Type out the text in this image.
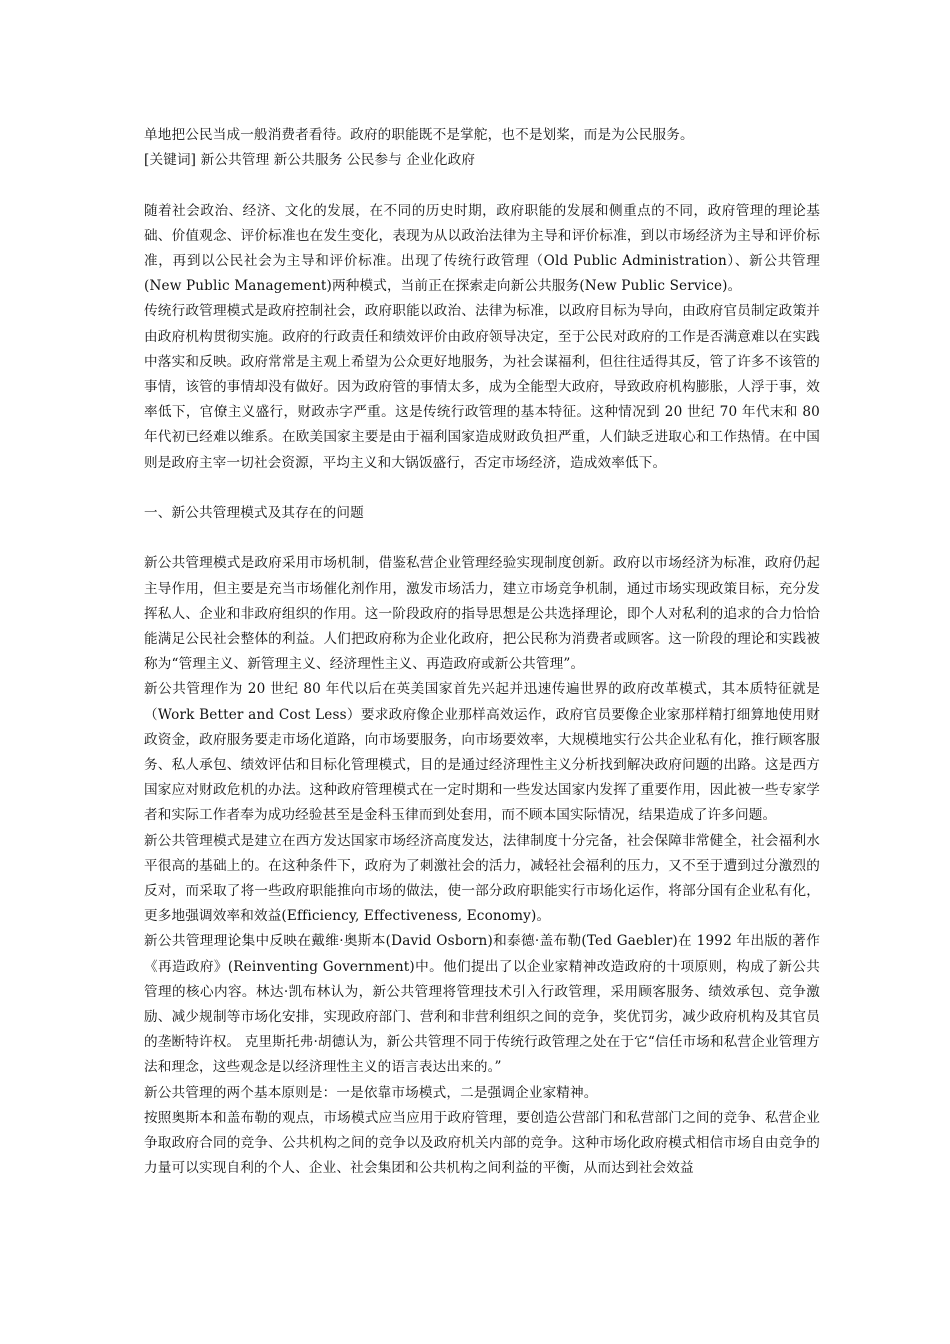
单地把公民当成一般消费者看待。政府的职能既不是掌舵，也不是划桨，而是为公民服务。

[关键词] 新公共管理 新公共服务 公民参与 企业化政府

随着社会政治、经济、文化的发展，在不同的历史时期，政府职能的发展和侧重点的不同，政府管理的理论基础、价值观念、评价标准也在发生变化，表现为从以政治法律为主导和评价标准，到以市场经济为主导和评价标准，再到以公民社会为主导和评价标准。出现了传统行政管理（Old Public Administration）、新公共管理(New Public Management)两种模式，当前正在探索走向新公共服务(New Public Service)。

传统行政管理模式是政府控制社会，政府职能以政治、法律为标准，以政府目标为导向，由政府官员制定政策并由政府机构贯彻实施。政府的行政责任和绩效评价由政府领导决定，至于公民对政府的工作是否满意难以在实践中落实和反映。政府常常是主观上希望为公众更好地服务，为社会谋福利，但往往适得其反，管了许多不该管的事情，该管的事情却没有做好。因为政府管的事情太多，成为全能型大政府，导致政府机构膨胀，人浮于事，效率低下，官僚主义盛行，财政赤字严重。这是传统行政管理的基本特征。这种情况到 20 世纪 70 年代末和 80 年代初已经难以维系。在欧美国家主要是由于福利国家造成财政负担严重，人们缺乏进取心和工作热情。在中国则是政府主宰一切社会资源，平均主义和大锅饭盛行，否定市场经济，造成效率低下。

一、新公共管理模式及其存在的问题

新公共管理模式是政府采用市场机制，借鉴私营企业管理经验实现制度创新。政府以市场经济为标准，政府仍起主导作用，但主要是充当市场催化剂作用，激发市场活力，建立市场竞争机制，通过市场实现政策目标，充分发挥私人、企业和非政府组织的作用。这一阶段政府的指导思想是公共选择理论，即个人对私利的追求的合力恰恰能满足公民社会整体的利益。人们把政府称为企业化政府，把公民称为消费者或顾客。这一阶段的理论和实践被称为“管理主义、新管理主义、经济理性主义、再造政府或新公共管理”。

新公共管理作为 20 世纪 80 年代以后在英美国家首先兴起并迅速传遍世界的政府改革模式，其本质特征就是（Work Better and Cost Less）要求政府像企业那样高效运作，政府官员要像企业家那样精打细算地使用财政资金，政府服务要走市场化道路，向市场要服务，向市场要效率，大规模地实行公共企业私有化，推行顾客服务、私人承包、绩效评估和目标化管理模式，目的是通过经济理性主义分析找到解决政府问题的出路。这是西方国家应对财政危机的办法。这种政府管理模式在一定时期和一些发达国家内发挥了重要作用，因此被一些专家学者和实际工作者奉为成功经验甚至是金科玉律而到处套用，而不顾本国实际情况，结果造成了许多问题。

新公共管理模式是建立在西方发达国家市场经济高度发达，法律制度十分完备，社会保障非常健全，社会福利水平很高的基础上的。在这种条件下，政府为了刺激社会的活力，减轻社会福利的压力，又不至于遭到过分激烈的反对，而采取了将一些政府职能推向市场的做法，使一部分政府职能实行市场化运作，将部分国有企业私有化，更多地强调效率和效益(Efficiency, Effectiveness, Economy)。

新公共管理理论集中反映在戴维·奥斯本(David Osborn)和泰德·盖布勒(Ted Gaebler)在 1992 年出版的著作《再造政府》(Reinventing Government)中。他们提出了以企业家精神改造政府的十项原则，构成了新公共管理的核心内容。林达·凯布林认为，新公共管理将管理技术引入行政管理，采用顾客服务、绩效承包、竞争激励、减少规制等市场化安排，实现政府部门、营利和非营利组织之间的竞争，奖优罚劣，减少政府机构及其官员的垄断特许权。 克里斯托弗·胡德认为，新公共管理不同于传统行政管理之处在于它“信任市场和私营企业管理方法和理念，这些观念是以经济理性主义的语言表达出来的。”

新公共管理的两个基本原则是：一是依靠市场模式，二是强调企业家精神。

按照奥斯本和盖布勒的观点，市场模式应当应用于政府管理，要创造公营部门和私营部门之间的竞争、私营企业争取政府合同的竞争、公共机构之间的竞争以及政府机关内部的竞争。这种市场化政府模式相信市场自由竞争的力量可以实现自利的个人、企业、社会集团和公共机构之间利益的平衡，从而达到社会效益
